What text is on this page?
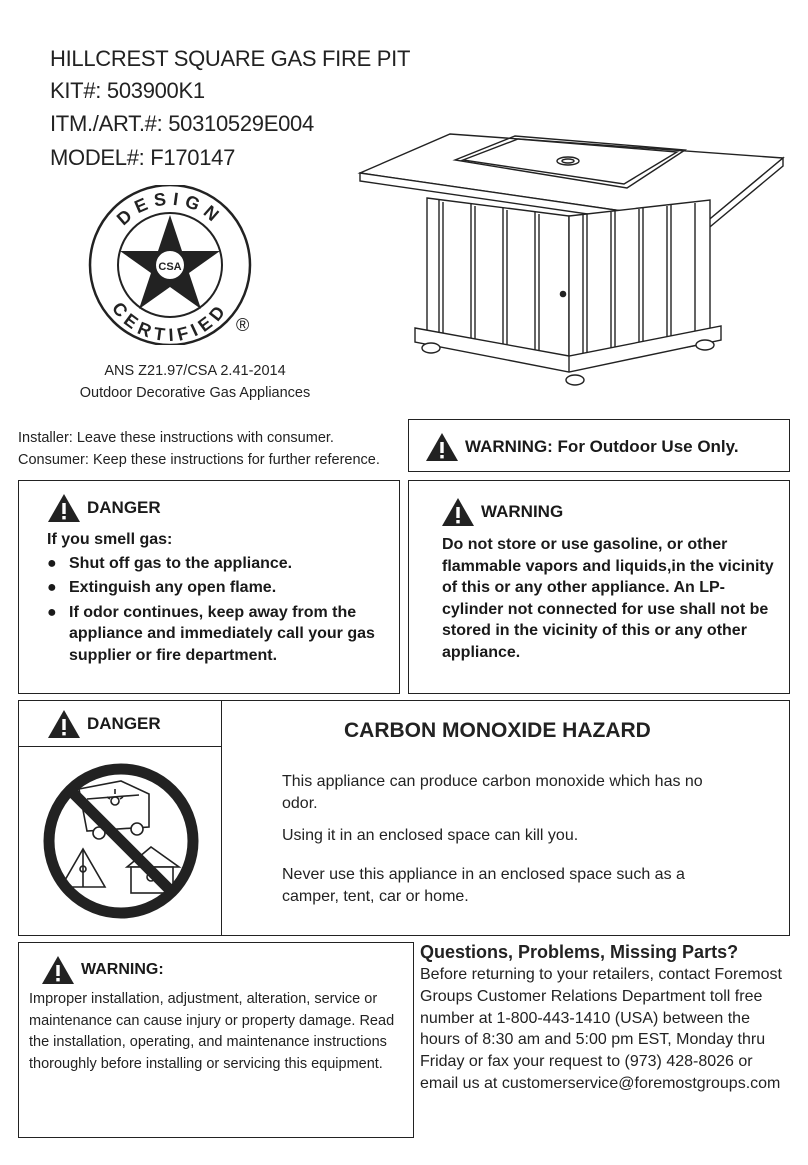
HILLCREST SQUARE GAS FIRE PIT
KIT#: 503900K1
ITM./ART.#: 50310529E004
MODEL#: F170147
DESIGN
CERTIFIED
CSA
®
ANS Z21.97/CSA 2.41-2014
Outdoor Decorative Gas Appliances
Installer: Leave these instructions with consumer.
Consumer: Keep these instructions for further reference.
WARNING: For Outdoor Use Only.
DANGER
If you smell gas:
● Shut off gas to the appliance.
● Extinguish any open flame.
● If odor continues, keep away from the appliance and immediately call your gas supplier or fire department.
WARNING
Do not store or use gasoline, or other flammable vapors and liquids,in the vicinity of this or any other appliance. An LP-cylinder not connected for use shall not be stored in the vicinity of this or any other appliance.
DANGER	CARBON MONOXIDE HAZARD
This appliance can produce carbon monoxide which has no odor.
Using it in an enclosed space can kill you.
Never use this appliance in an enclosed space such as a camper, tent, car or home.
WARNING:
Improper installation, adjustment, alteration, service or maintenance can cause injury or property damage. Read the installation, operating, and maintenance instructions thoroughly before installing or servicing this equipment.
Questions, Problems, Missing Parts?
Before returning to your retailers, contact Foremost Groups Customer Relations Department toll free number at 1-800-443-1410 (USA) between the hours of 8:30 am and 5:00 pm EST, Monday thru Friday or fax your request to (973) 428-8026 or email us at customerservice@foremostgroups.com
